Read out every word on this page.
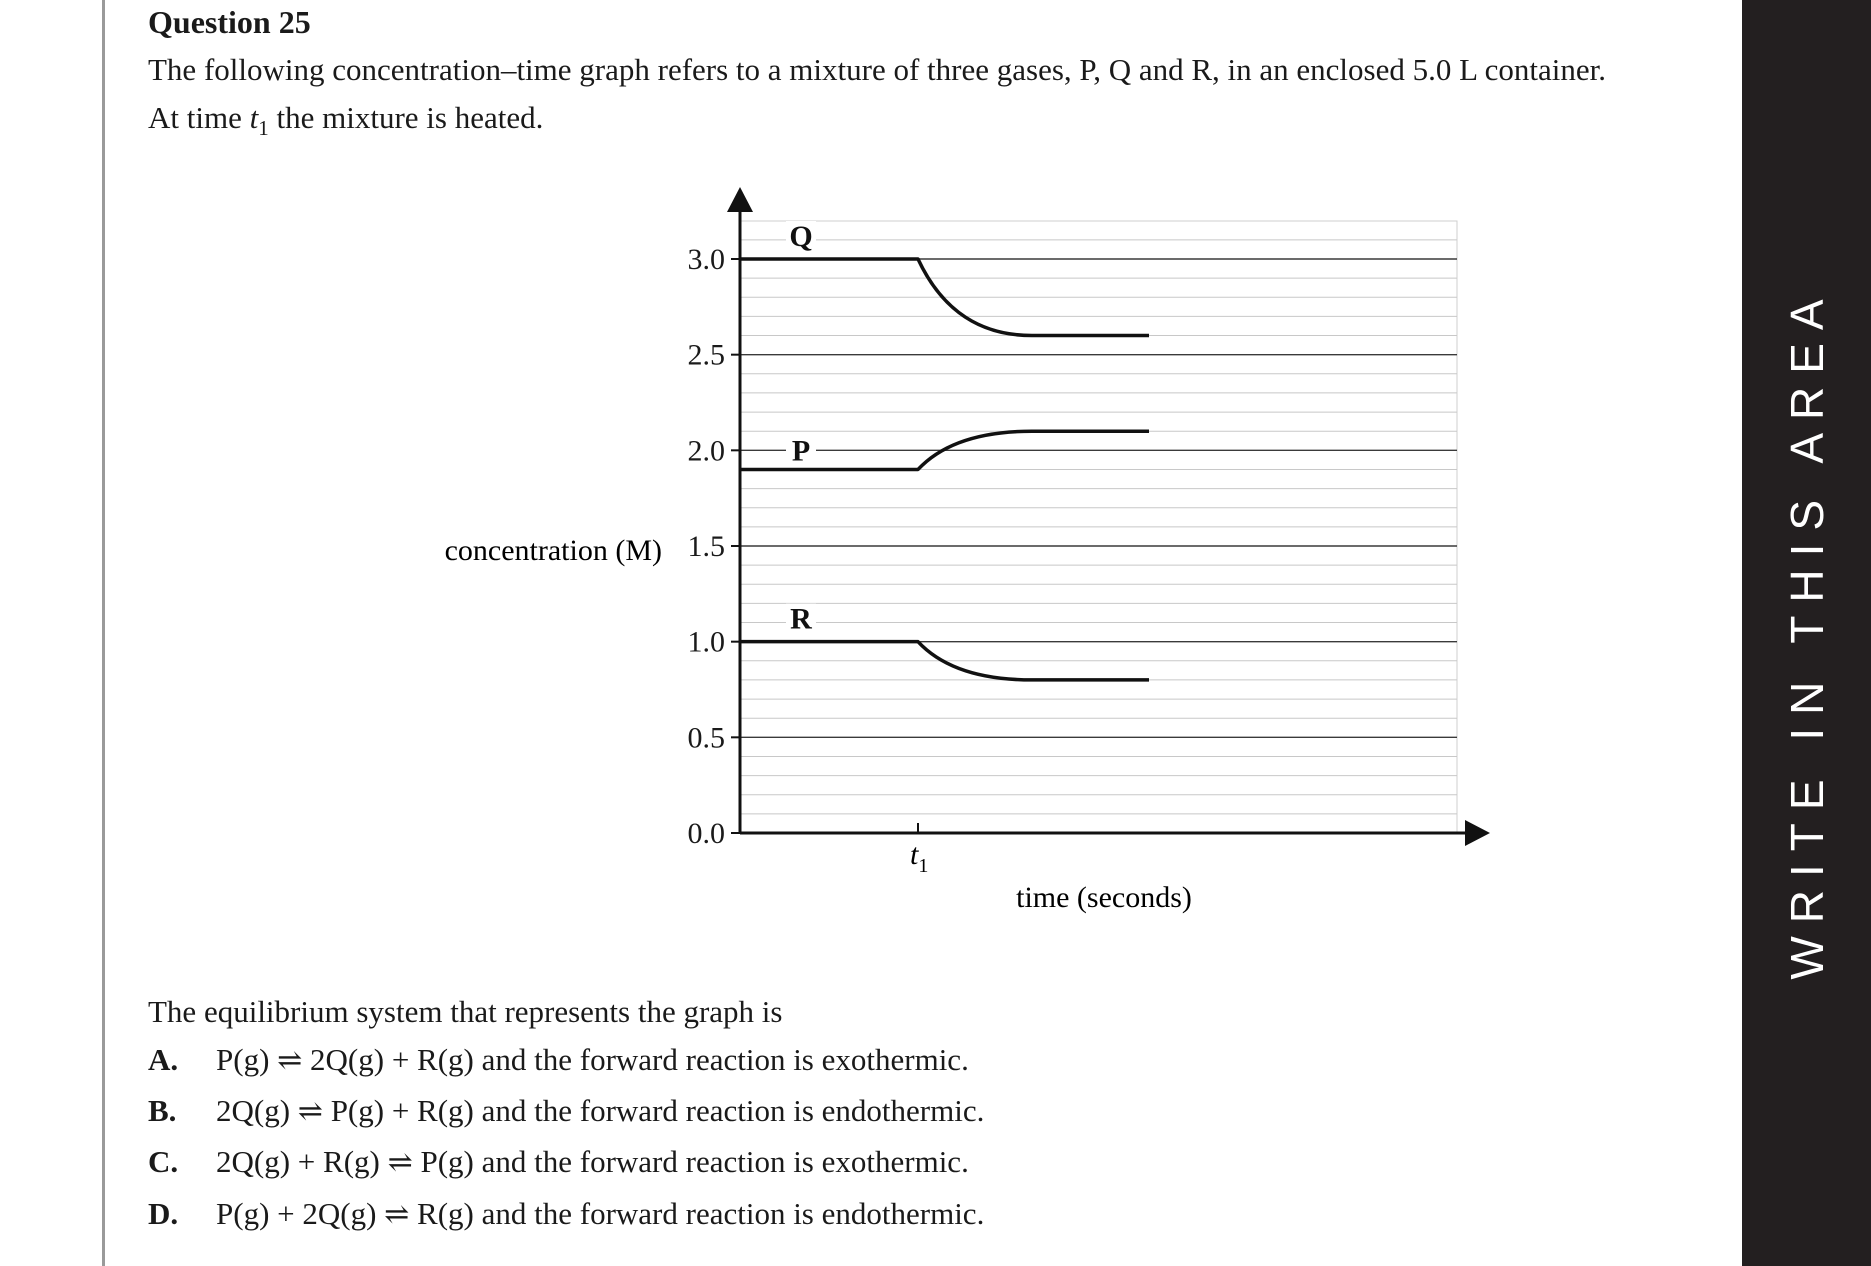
Question 25
The following concentration–time graph refers to a mixture of three gases, P, Q and R, in an enclosed 5.0 L container.
At time $t_1$ the mixture is heated.
3.0
2.5
2.0
1.5
1.0
0.5
0.0
Q
P
R
concentration (M)
time (seconds)
$t_1$
The equilibrium system that represents the graph is
A. P(g) ⇌ 2Q(g) + R(g) and the forward reaction is exothermic.
B. 2Q(g) ⇌ P(g) + R(g) and the forward reaction is endothermic.
C. 2Q(g) + R(g) ⇌ P(g) and the forward reaction is exothermic.
D. P(g) + 2Q(g) ⇌ R(g) and the forward reaction is endothermic.
WRITE IN THIS AREA
